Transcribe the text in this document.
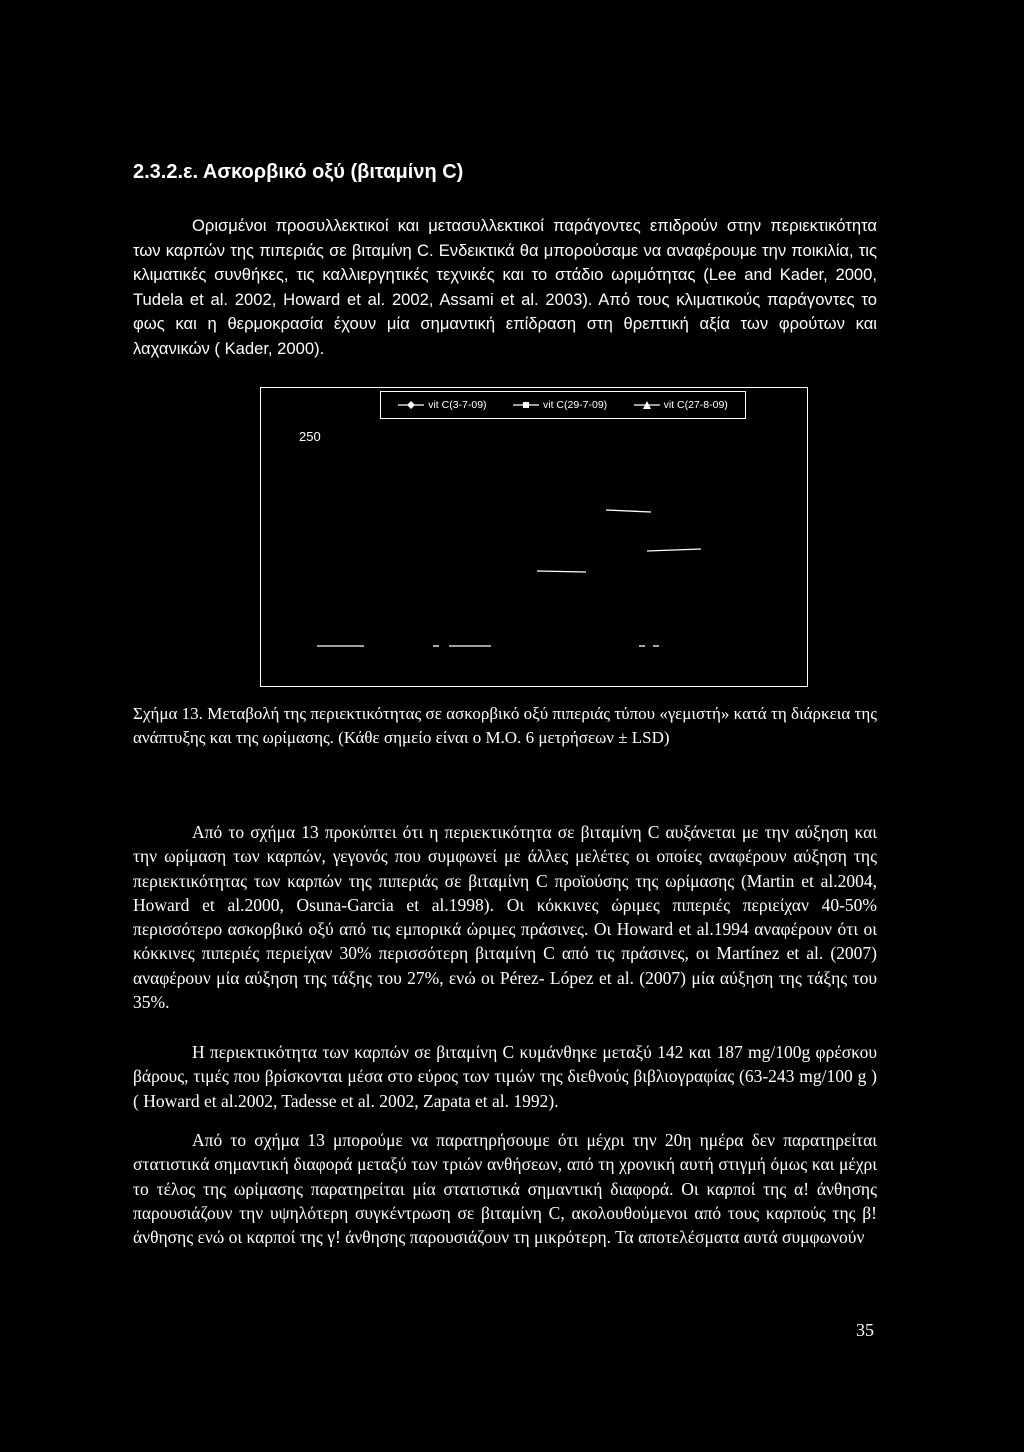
2.3.2.ε. Ασκορβικό οξύ (βιταμίνη C)

Ορισμένοι προσυλλεκτικοί και μετασυλλεκτικοί παράγοντες επιδρούν στην περιεκτικότητα των καρπών της πιπεριάς σε βιταμίνη C. Ενδεικτικά θα μπορούσαμε να αναφέρουμε την ποικιλία, τις κλιματικές συνθήκες, τις καλλιεργητικές τεχνικές και το στάδιο ωριμότητας (Lee and Kader, 2000, Tudela et al. 2002, Howard et al. 2002, Assami et al. 2003). Από τους κλιματικούς παράγοντες το φως και η θερμοκρασία έχουν μία σημαντική επίδραση στη θρεπτική αξία των φρούτων και λαχανικών ( Kader, 2000).

vit C(3-7-09)	vit C(29-7-09)	vit C(27-8-09)
250

Σχήμα 13. Μεταβολή της περιεκτικότητας σε ασκορβικό οξύ πιπεριάς τύπου «γεμιστή» κατά τη διάρκεια της ανάπτυξης και της ωρίμασης. (Κάθε σημείο είναι ο Μ.Ο. 6 μετρήσεων ± LSD)

Από το σχήμα 13 προκύπτει ότι η περιεκτικότητα σε βιταμίνη C αυξάνεται με την αύξηση και την ωρίμαση των καρπών, γεγονός που συμφωνεί με άλλες μελέτες οι οποίες αναφέρουν αύξηση της περιεκτικότητας των καρπών της πιπεριάς σε βιταμίνη C προϊούσης της ωρίμασης (Martin et al.2004, Howard et al.2000, Osuna-Garcia et al.1998). Οι κόκκινες ώριμες πιπεριές περιείχαν 40-50% περισσότερο ασκορβικό οξύ από τις εμπορικά ώριμες πράσινες. Οι Howard et al.1994 αναφέρουν ότι οι κόκκινες πιπεριές περιείχαν 30% περισσότερη βιταμίνη C από τις πράσινες, οι Martínez et al. (2007) αναφέρουν μία αύξηση της τάξης του 27%, ενώ οι Pérez- López et al. (2007) μία αύξηση της τάξης του 35%.

Η περιεκτικότητα των καρπών σε βιταμίνη C κυμάνθηκε μεταξύ 142 και 187 mg/100g φρέσκου βάρους, τιμές που βρίσκονται μέσα στο εύρος των τιμών της διεθνούς βιβλιογραφίας (63-243 mg/100 g ) ( Howard et al.2002, Tadesse et al. 2002, Zapata et al. 1992).

Από το σχήμα 13 μπορούμε να παρατηρήσουμε ότι μέχρι την 20η ημέρα δεν παρατηρείται στατιστικά σημαντική διαφορά μεταξύ των τριών ανθήσεων, από τη χρονική αυτή στιγμή όμως και μέχρι το τέλος της ωρίμασης παρατηρείται μία στατιστικά σημαντική διαφορά. Οι καρποί της α! άνθησης παρουσιάζουν την υψηλότερη συγκέντρωση σε βιταμίνη C, ακολουθούμενοι από τους καρπούς της β! άνθησης ενώ οι καρποί της γ! άνθησης παρουσιάζουν τη μικρότερη. Τα αποτελέσματα αυτά συμφωνούν

35
